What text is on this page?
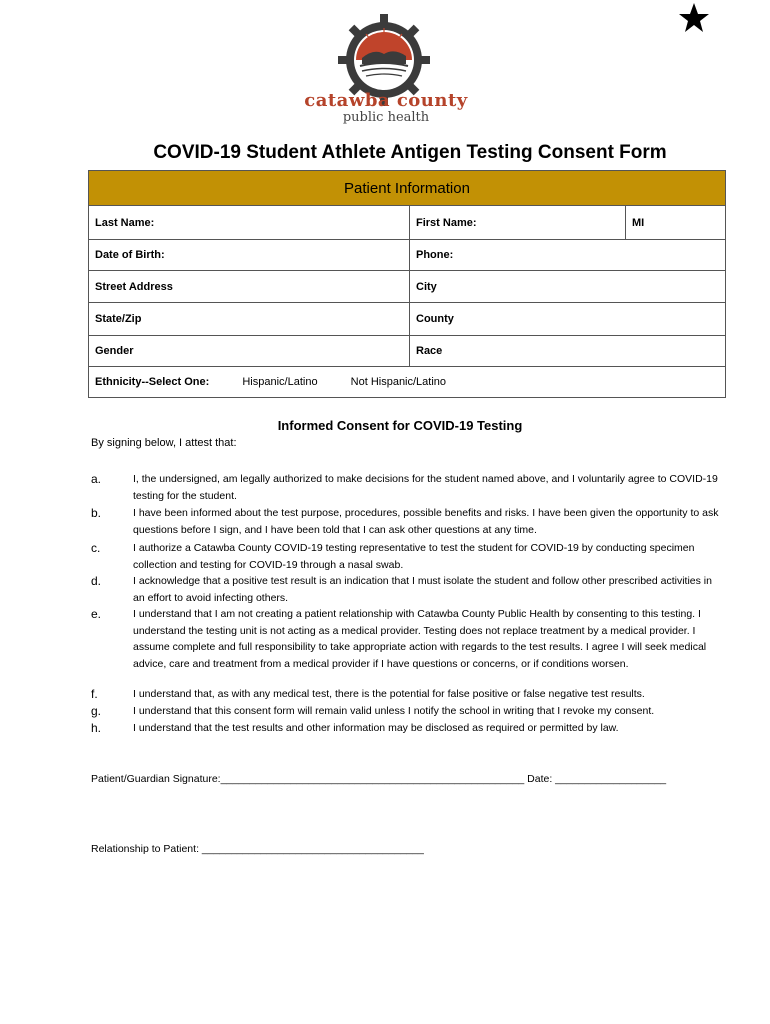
catawba county
public health
COVID-19 Student Athlete Antigen Testing Consent Form
Patient Information		
Last Name:	First Name:	MI
Date of Birth:	Phone:	
Street Address	City	
State/Zip	County	
Gender	Race	
Ethnicity--Select One: Hispanic/Latino Not Hispanic/Latino		
Informed Consent for COVID-19 Testing
By signing below, I attest that:
a.	I, the undersigned, am legally authorized to make decisions for the student named above, and I voluntarily agree to COVID-19 testing for the student.
b.	I have been informed about the test purpose, procedures, possible benefits and risks. I have been given the opportunity to ask questions before I sign, and I have been told that I can ask other questions at any time.
c.	I authorize a Catawba County COVID-19 testing representative to test the student for COVID-19 by conducting specimen collection and testing for COVID-19 through a nasal swab.
d.	I acknowledge that a positive test result is an indication that I must isolate the student and follow other prescribed activities in an effort to avoid infecting others.
e.	I understand that I am not creating a patient relationship with Catawba County Public Health by consenting to this testing. I understand the testing unit is not acting as a medical provider. Testing does not replace treatment by a medical provider. I assume complete and full responsibility to take appropriate action with regards to the test results. I agree I will seek medical advice, care and treatment from a medical provider if I have questions or concerns, or if conditions worsen.
f.	I understand that, as with any medical test, there is the potential for false positive or false negative test results.
g.	I understand that this consent form will remain valid unless I notify the school in writing that I revoke my consent.
h.	I understand that the test results and other information may be disclosed as required or permitted by law.
Patient/Guardian Signature:____________________________________________________ Date: ___________________
Relationship to Patient: ______________________________________
